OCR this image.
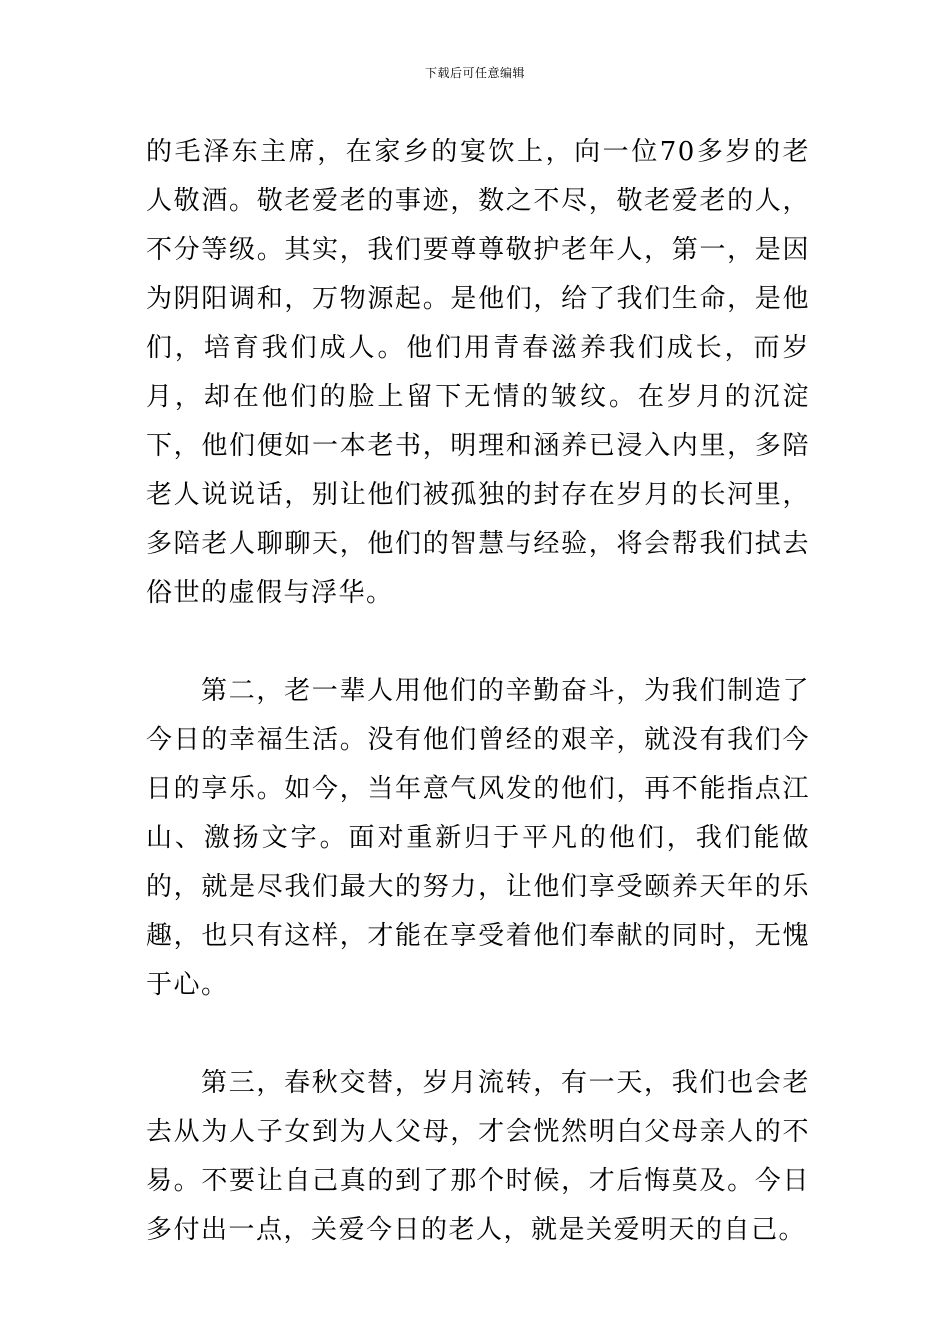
下载后可任意编辑

的毛泽东主席，在家乡的宴饮上，向一位70多岁的老人敬酒。敬老爱老的事迹，数之不尽，敬老爱老的人，不分等级。其实，我们要尊尊敬护老年人，第一，是因为阴阳调和，万物源起。是他们，给了我们生命，是他们，培育我们成人。他们用青春滋养我们成长，而岁月，却在他们的脸上留下无情的皱纹。在岁月的沉淀下，他们便如一本老书，明理和涵养已浸入内里，多陪老人说说话，别让他们被孤独的封存在岁月的长河里，多陪老人聊聊天，他们的智慧与经验，将会帮我们拭去俗世的虚假与浮华。

第二，老一辈人用他们的辛勤奋斗，为我们制造了今日的幸福生活。没有他们曾经的艰辛，就没有我们今日的享乐。如今，当年意气风发的他们，再不能指点江山、激扬文字。面对重新归于平凡的他们，我们能做的，就是尽我们最大的努力，让他们享受颐养天年的乐趣，也只有这样，才能在享受着他们奉献的同时，无愧于心。

第三，春秋交替，岁月流转，有一天，我们也会老去从为人子女到为人父母，才会恍然明白父母亲人的不易。不要让自己真的到了那个时候，才后悔莫及。今日多付出一点，关爱今日的老人，就是关爱明天的自己。
